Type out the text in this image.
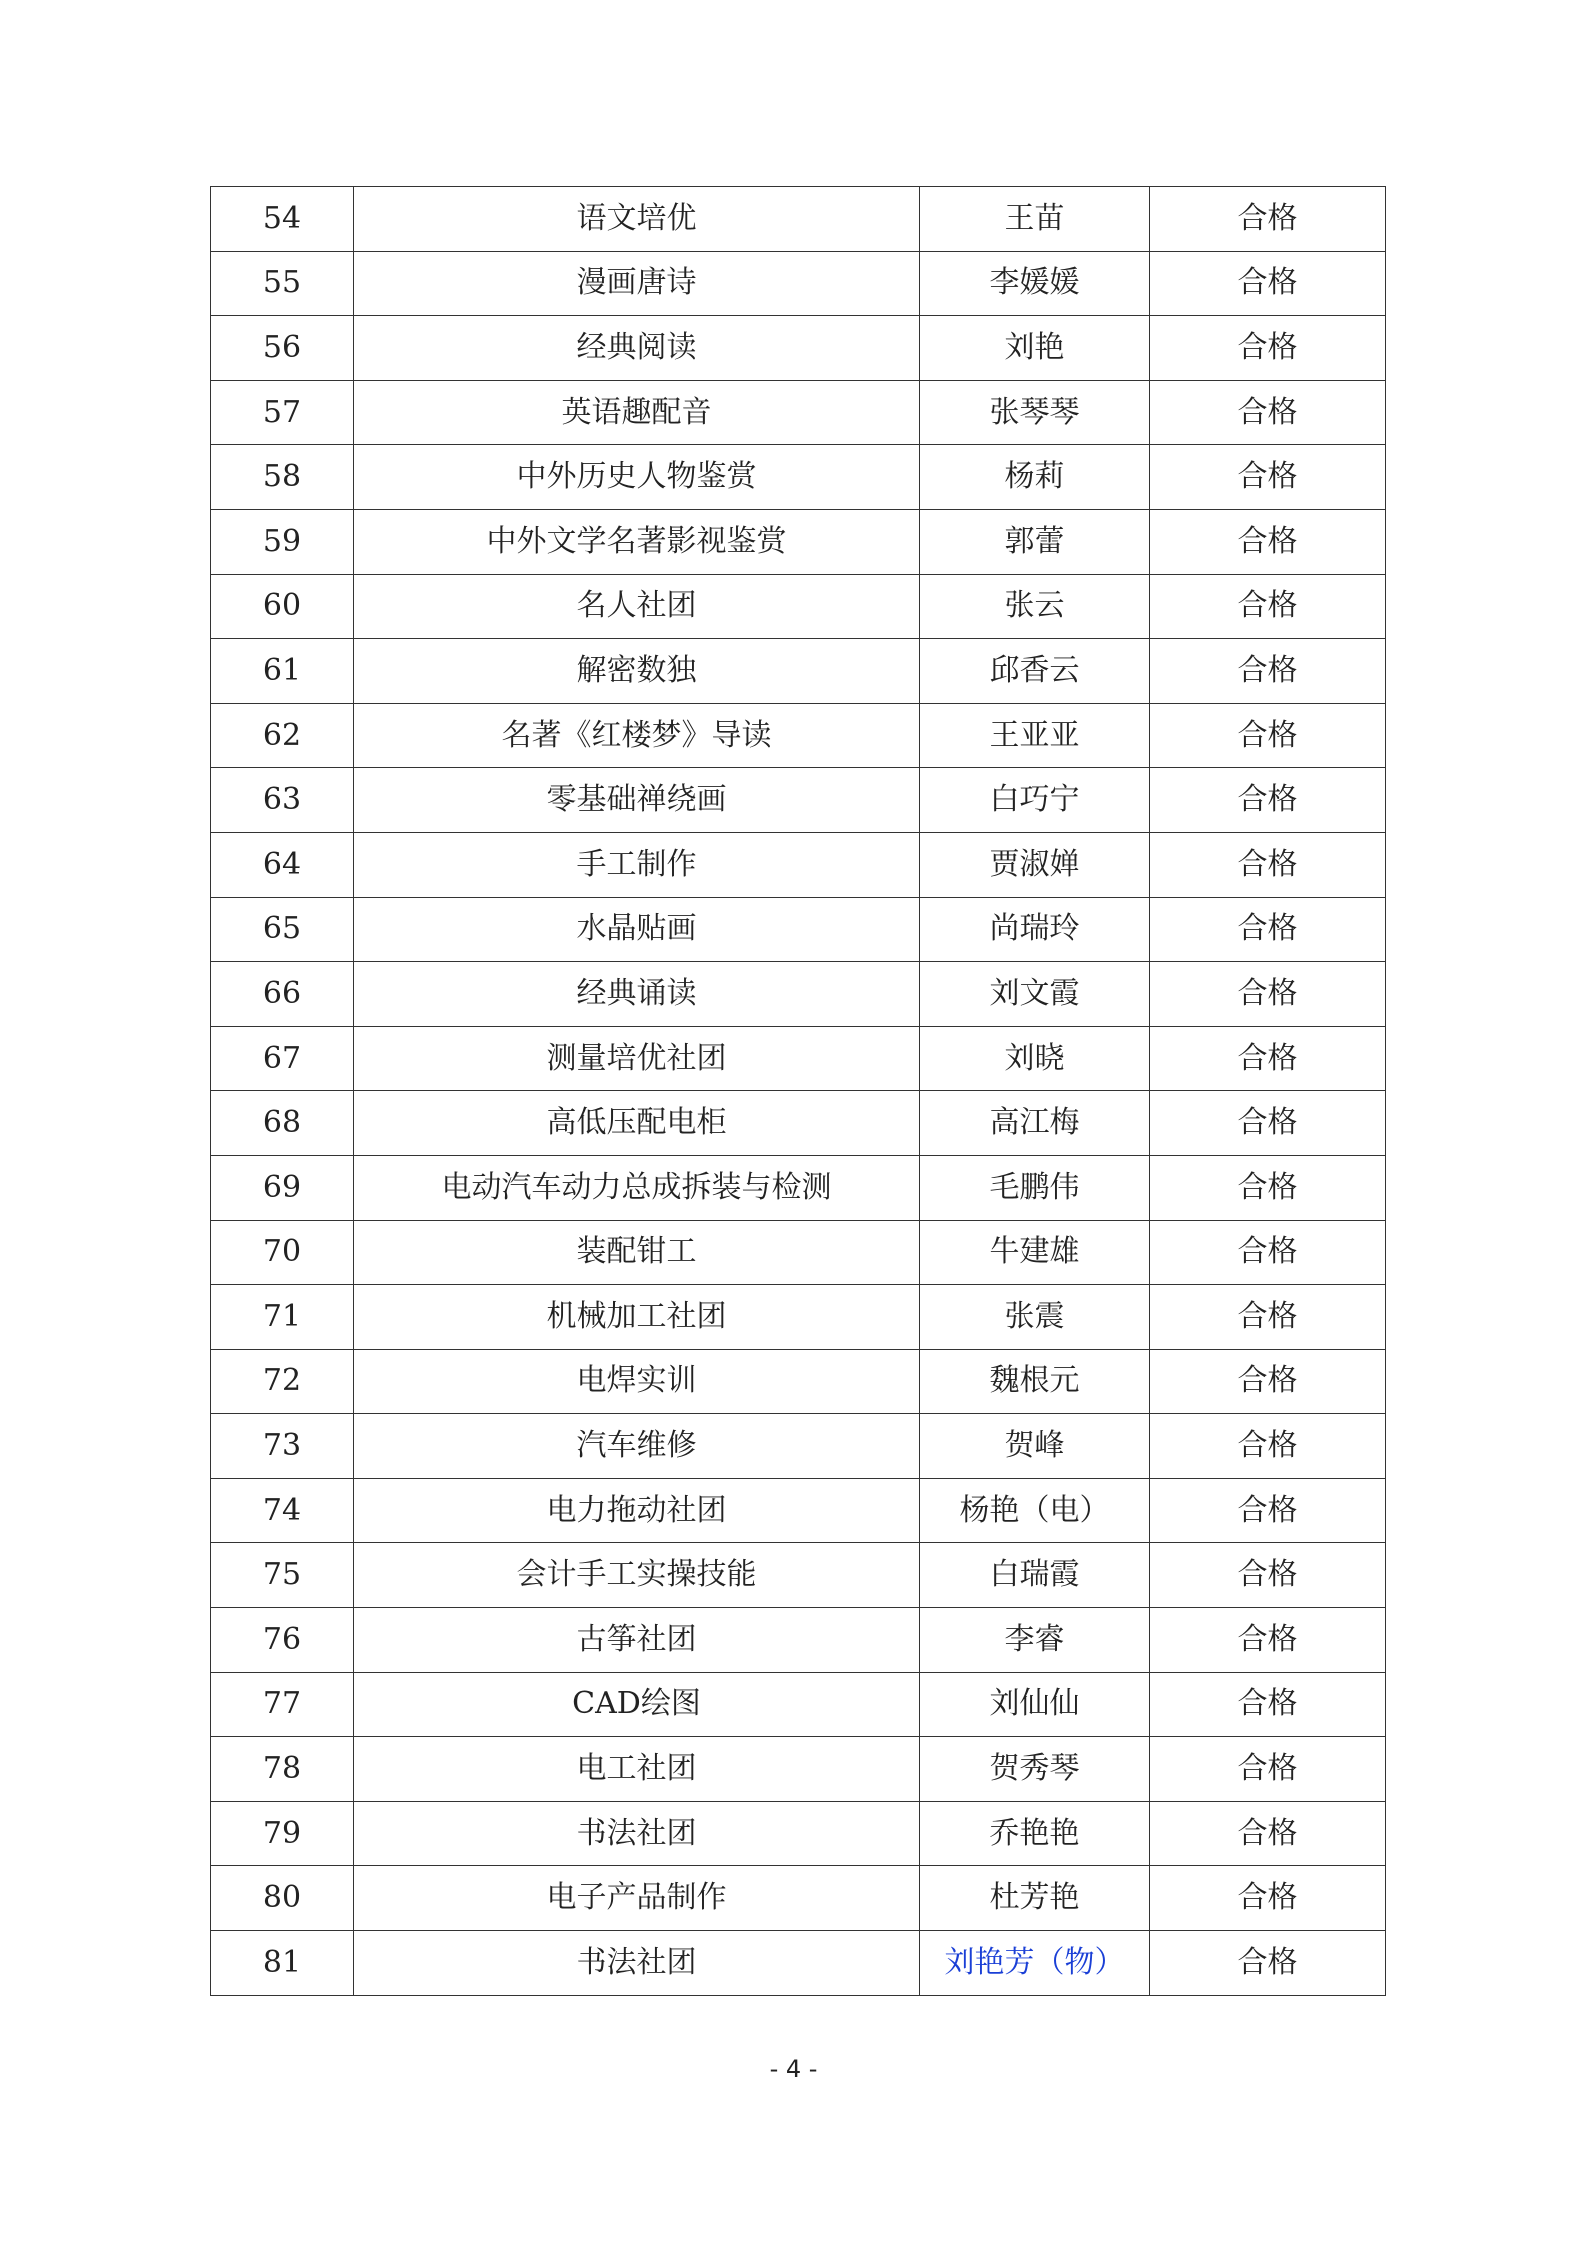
54	语文培优	王苗	合格
55	漫画唐诗	李媛媛	合格
56	经典阅读	刘艳	合格
57	英语趣配音	张琴琴	合格
58	中外历史人物鉴赏	杨莉	合格
59	中外文学名著影视鉴赏	郭蕾	合格
60	名人社团	张云	合格
61	解密数独	邱香云	合格
62	名著《红楼梦》导读	王亚亚	合格
63	零基础禅绕画	白巧宁	合格
64	手工制作	贾淑婵	合格
65	水晶贴画	尚瑞玲	合格
66	经典诵读	刘文霞	合格
67	测量培优社团	刘晓	合格
68	高低压配电柜	高江梅	合格
69	电动汽车动力总成拆装与检测	毛鹏伟	合格
70	装配钳工	牛建雄	合格
71	机械加工社团	张震	合格
72	电焊实训	魏根元	合格
73	汽车维修	贺峰	合格
74	电力拖动社团	杨艳（电）	合格
75	会计手工实操技能	白瑞霞	合格
76	古筝社团	李睿	合格
77	CAD绘图	刘仙仙	合格
78	电工社团	贺秀琴	合格
79	书法社团	乔艳艳	合格
80	电子产品制作	杜芳艳	合格
81	书法社团	刘艳芳（物）	合格
- 4 -
